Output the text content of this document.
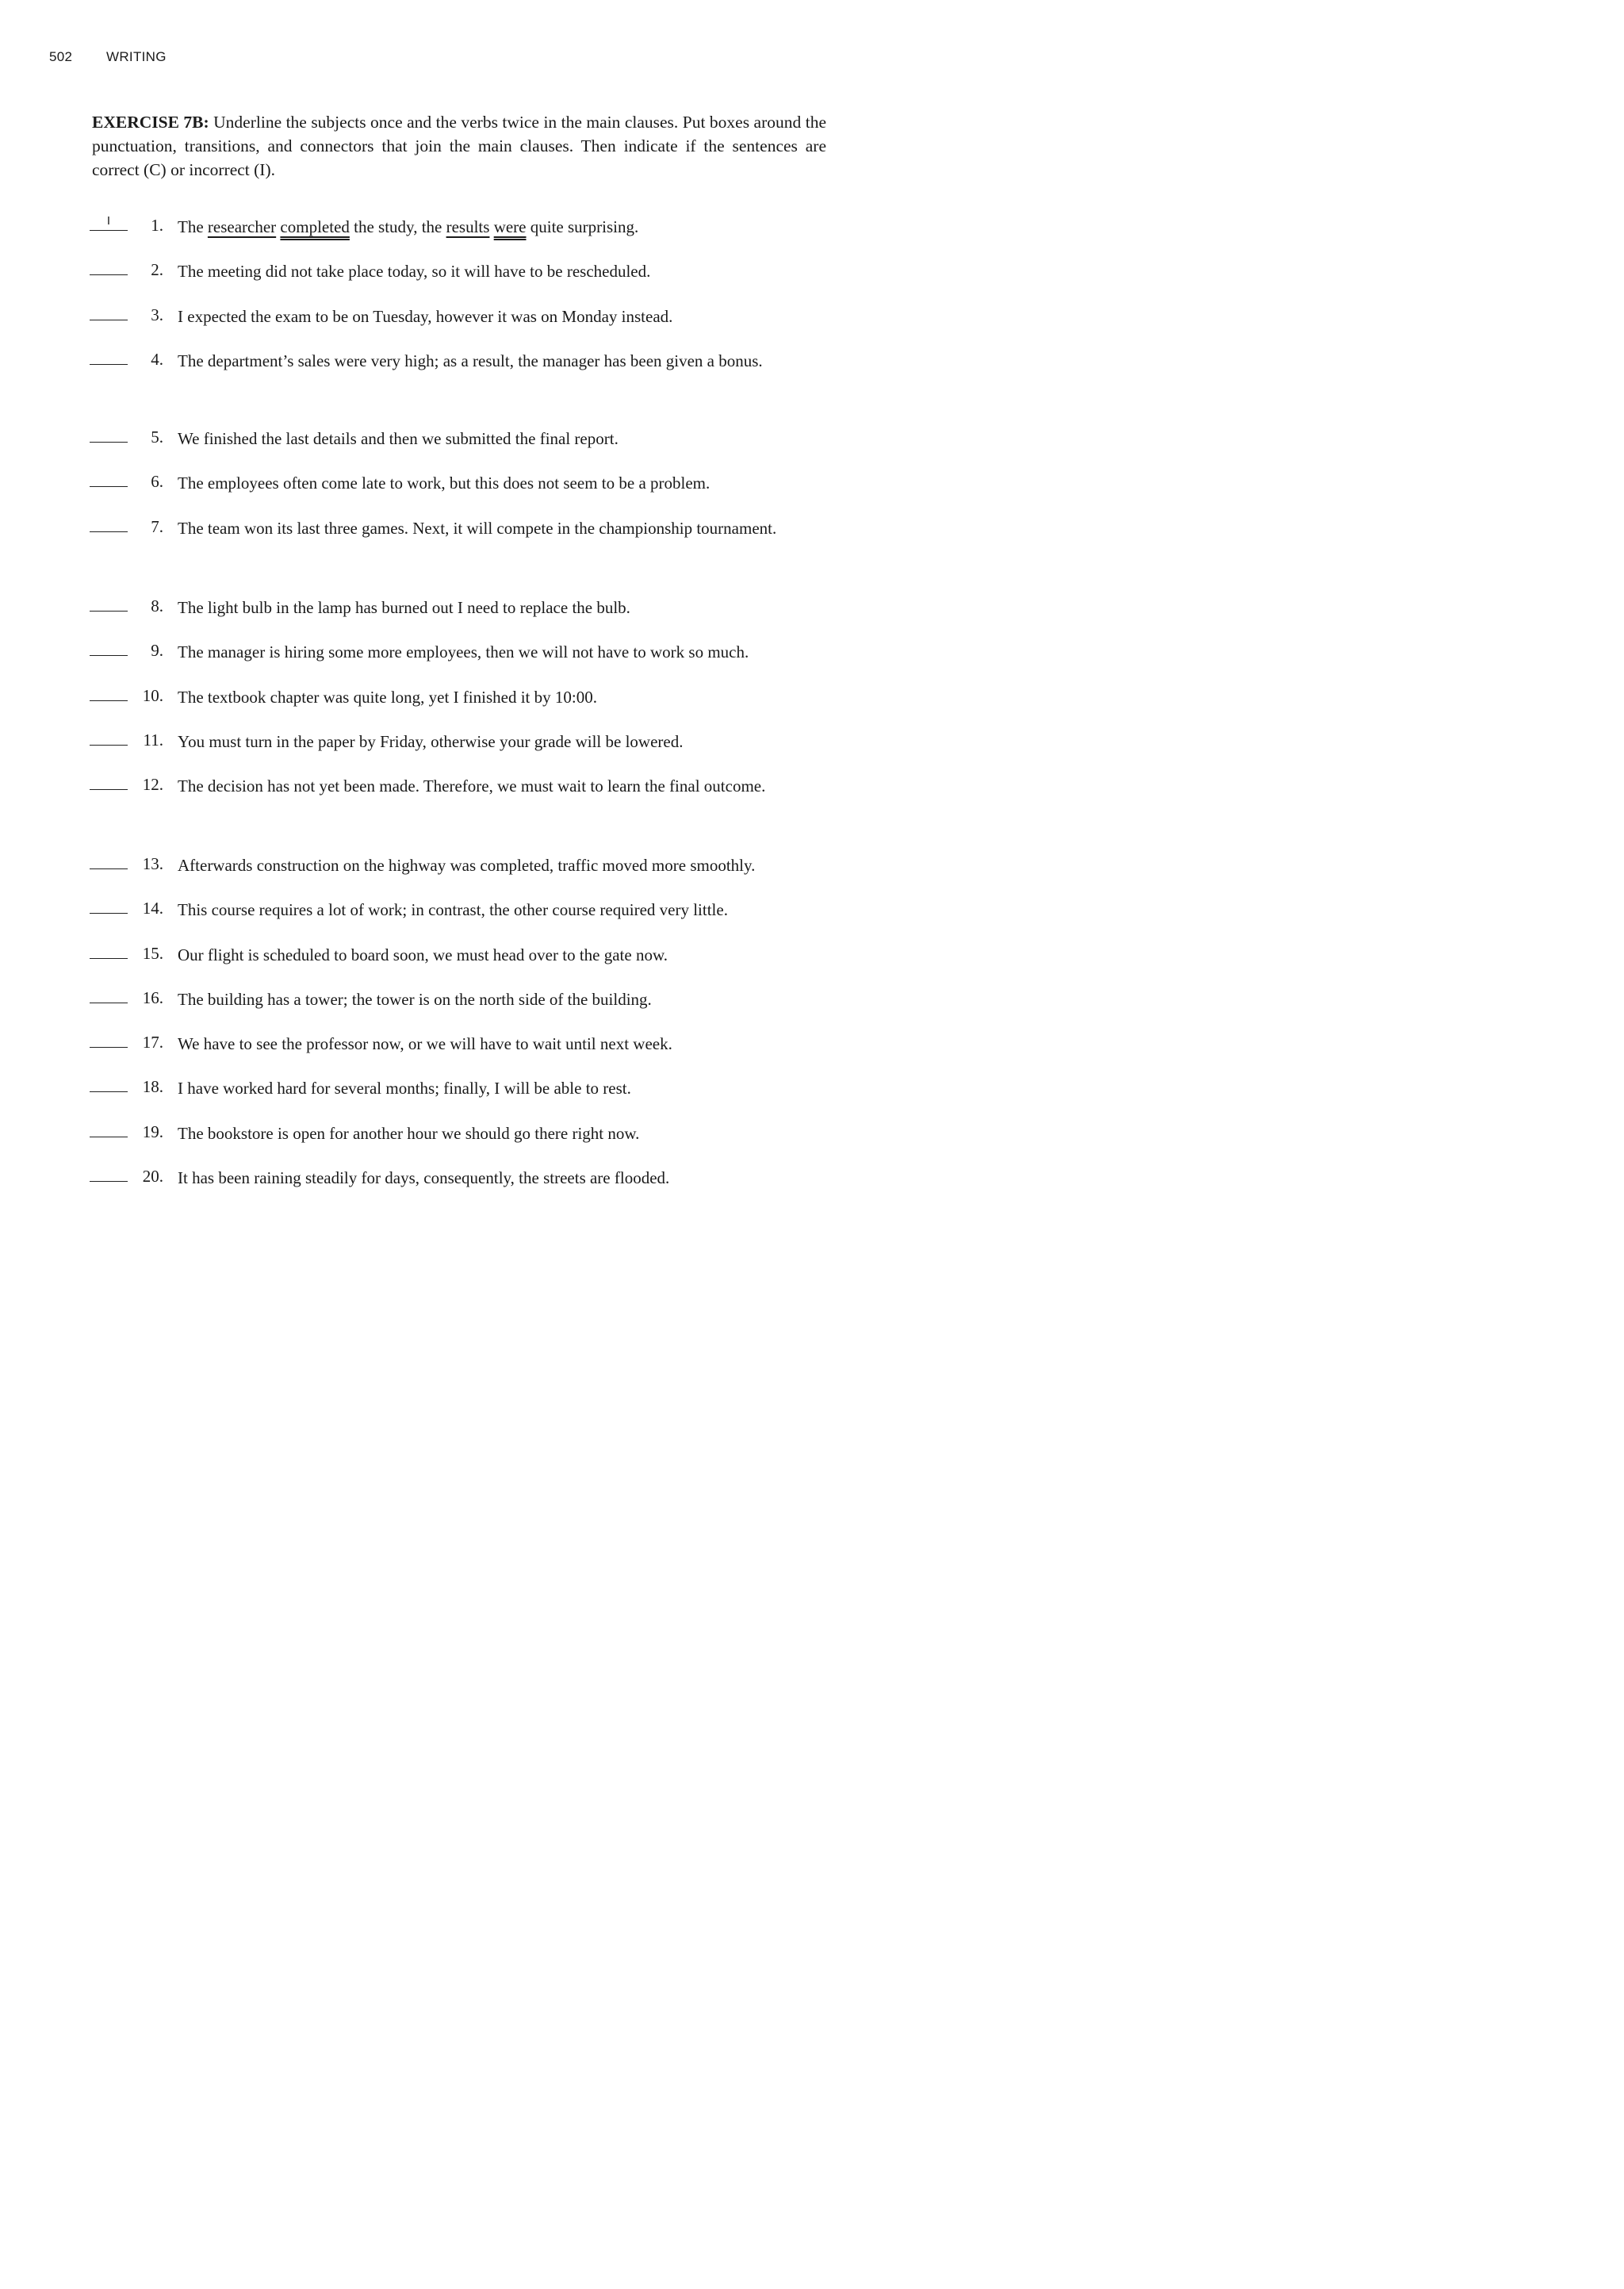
502	WRITING
EXERCISE 7B: Underline the subjects once and the verbs twice in the main clauses. Put boxes around the punctuation, transitions, and connectors that join the main clauses. Then indicate if the sentences are correct (C) or incorrect (I).
I	1. The researcher completed the study, the results were quite surprising.
2. The meeting did not take place today, so it will have to be rescheduled.
3. I expected the exam to be on Tuesday, however it was on Monday instead.
4. The department’s sales were very high; as a result, the manager has been given a bonus.
5. We finished the last details and then we submitted the final report.
6. The employees often come late to work, but this does not seem to be a problem.
7. The team won its last three games. Next, it will compete in the championship tournament.
8. The light bulb in the lamp has burned out I need to replace the bulb.
9. The manager is hiring some more employees, then we will not have to work so much.
10. The textbook chapter was quite long, yet I finished it by 10:00.
11. You must turn in the paper by Friday, otherwise your grade will be lowered.
12. The decision has not yet been made. Therefore, we must wait to learn the final outcome.
13. Afterwards construction on the highway was completed, traffic moved more smoothly.
14. This course requires a lot of work; in contrast, the other course required very little.
15. Our flight is scheduled to board soon, we must head over to the gate now.
16. The building has a tower; the tower is on the north side of the building.
17. We have to see the professor now, or we will have to wait until next week.
18. I have worked hard for several months; finally, I will be able to rest.
19. The bookstore is open for another hour we should go there right now.
20. It has been raining steadily for days, consequently, the streets are flooded.
